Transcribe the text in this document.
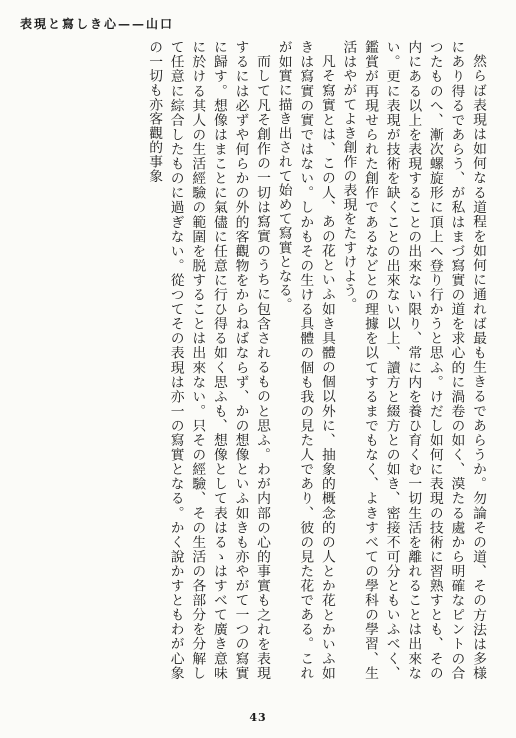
表現と寫しき心——山口

然らば表現は如何なる道程を如何に通れば最も生きるであらうか。勿論その道、その方法は多様にあり得るであらう、が私はまづ寫實の道を求心的に渦卷の如く、漠たる處から明確なピントの合つたものへ、漸次螺旋形に頂上へ登り行かうと思ふ。けだし如何に表現の技術に習熟すとも、その内にある以上を表現することの出來ない限り、常に内を養ひ育くむ一切生活を離れることは出來ない。更に表現が技術を缺くことの出來ない以上、讀方と綴方との如き、密接不可分ともいふべく、鑑賞が再現せられた創作であるなどとの理據を以てするまでもなく、よきすべての學科の學習、生活はやがてよき創作の表現をたすけよう。

凡そ寫實とは、この人、あの花といふ如き具體の個以外に、抽象的概念的の人とか花とかいふ如きは寫實の實ではない。しかもその生ける具體の個も我の見た人であり、彼の見た花である。これが如實に描き出されて始めて寫實となる。

而して凡そ創作の一切は寫實のうちに包含されるものと思ふ。わが内部の心的事實も之れを表現するには必ずや何らかの外的客觀物をからねばならず、かの想像といふ如きも亦やがて一つの寫實に歸す。想像はまことに氣儘に任意に行ひ得る如く思ふも、想像として表はるゝはすべて廣き意味に於ける其人の生活經驗の範圍を脱することは出來ない。只その經驗、その生活の各部分を分解して任意に綜合したものに過ぎない。從つてその表現は亦一の寫實となる。かく說かすともわが心象の一切も亦客觀的事象

43
